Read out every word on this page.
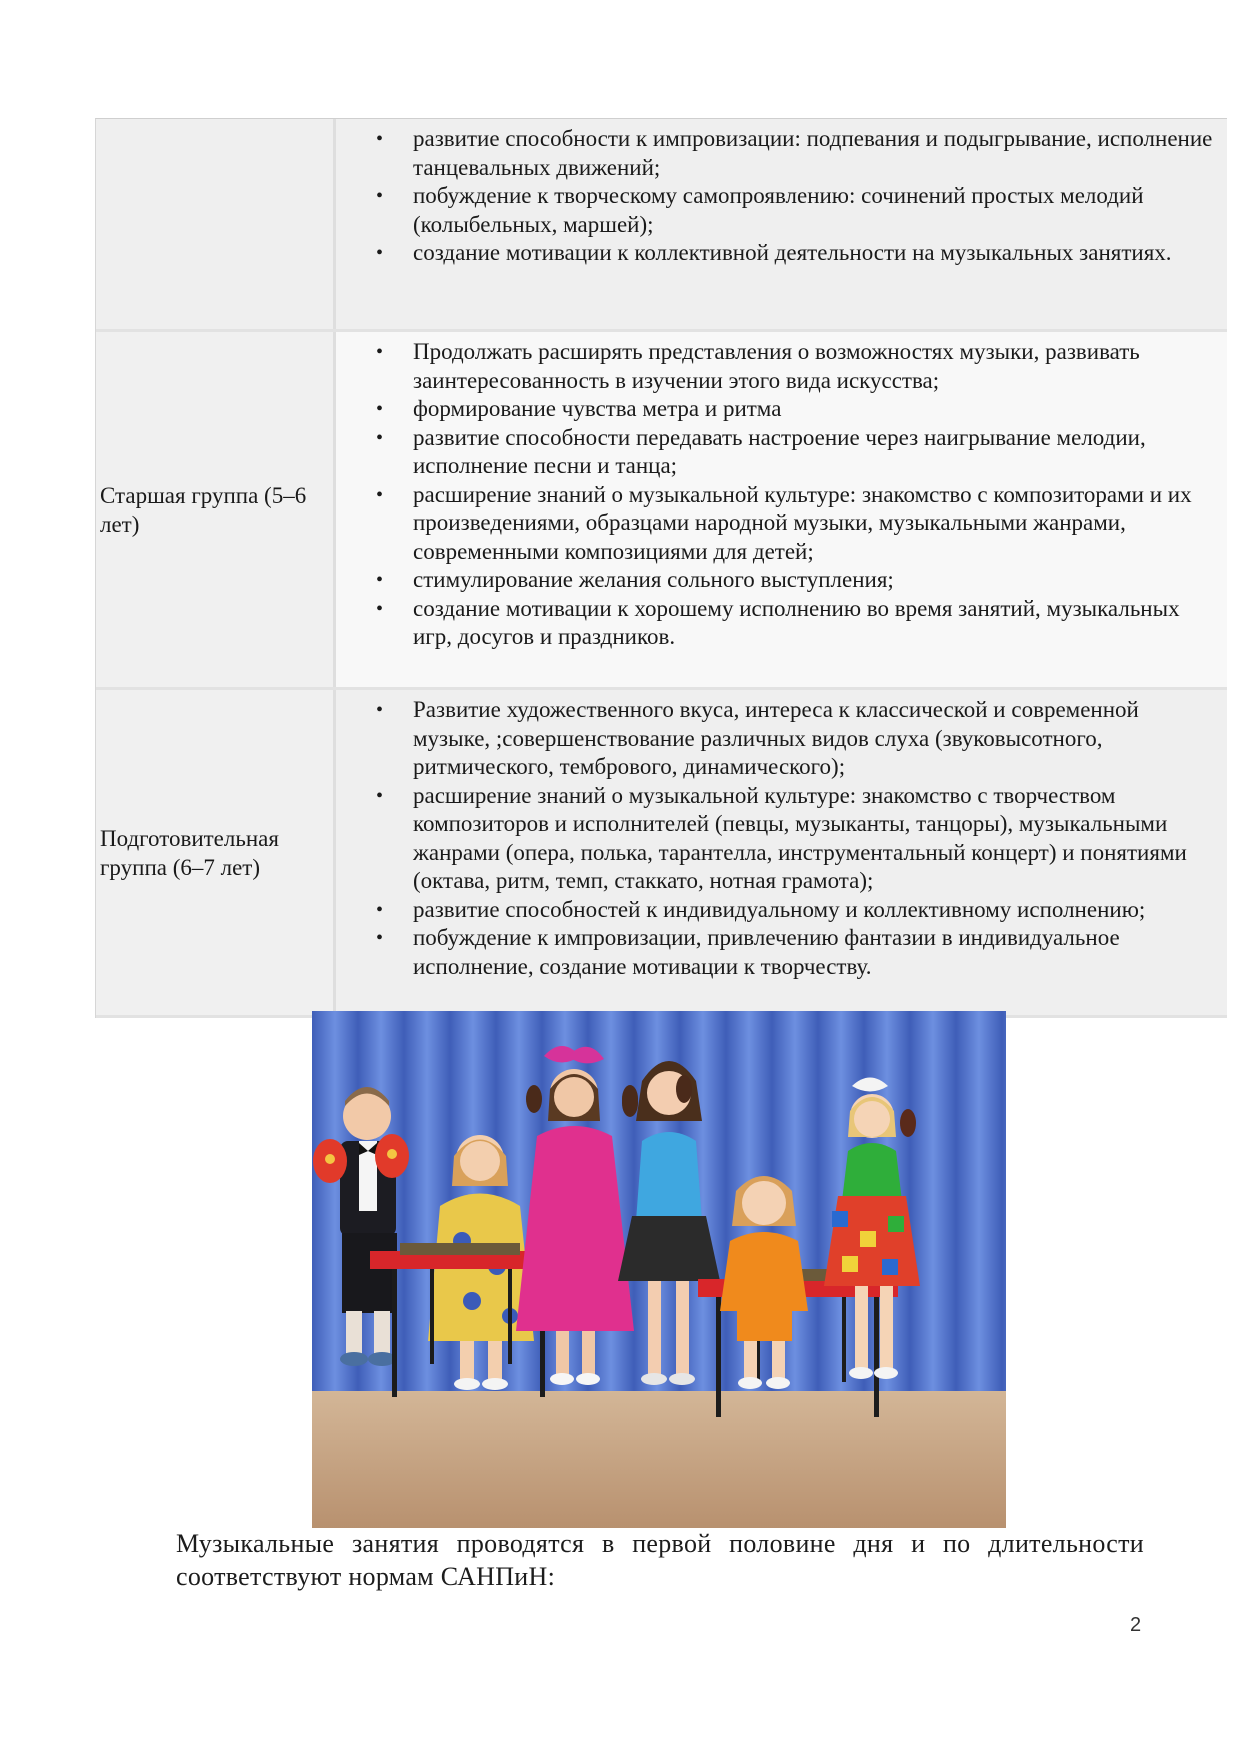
• развитие способности к импровизации: подпевания и подыгрывание, исполнение танцевальных движений;
• побуждение к творческому самопроявлению: сочинений простых мелодий (колыбельных, маршей);
• создание мотивации к коллективной деятельности на музыкальных занятиях.
Старшая группа (5–6 лет)
• Продолжать расширять представления о возможностях музыки, развивать заинтересованность в изучении этого вида искусства;
• формирование чувства метра и ритма
• развитие способности передавать настроение через наигрывание мелодии, исполнение песни и танца;
• расширение знаний о музыкальной культуре: знакомство с композиторами и их произведениями, образцами народной музыки, музыкальными жанрами, современными композициями для детей;
• стимулирование желания сольного выступления;
• создание мотивации к хорошему исполнению во время занятий, музыкальных игр, досугов и праздников.
Подготовительная группа (6–7 лет)
• Развитие художественного вкуса, интереса к классической и современной музыке, ;совершенствование различных видов слуха (звуковысотного, ритмического, тембрового, динамического);
• расширение знаний о музыкальной культуре: знакомство с творчеством композиторов и исполнителей (певцы, музыканты, танцоры), музыкальными жанрами (опера, полька, тарантелла, инструментальный концерт) и понятиями (октава, ритм, темп, стаккато, нотная грамота);
• развитие способностей к индивидуальному и коллективному исполнению;
• побуждение к импровизации, привлечению фантазии в индивидуальное исполнение, создание мотивации к творчеству.
Музыкальные занятия проводятся в первой половине дня и по длительности
соответствуют нормам САНПиН:
2
